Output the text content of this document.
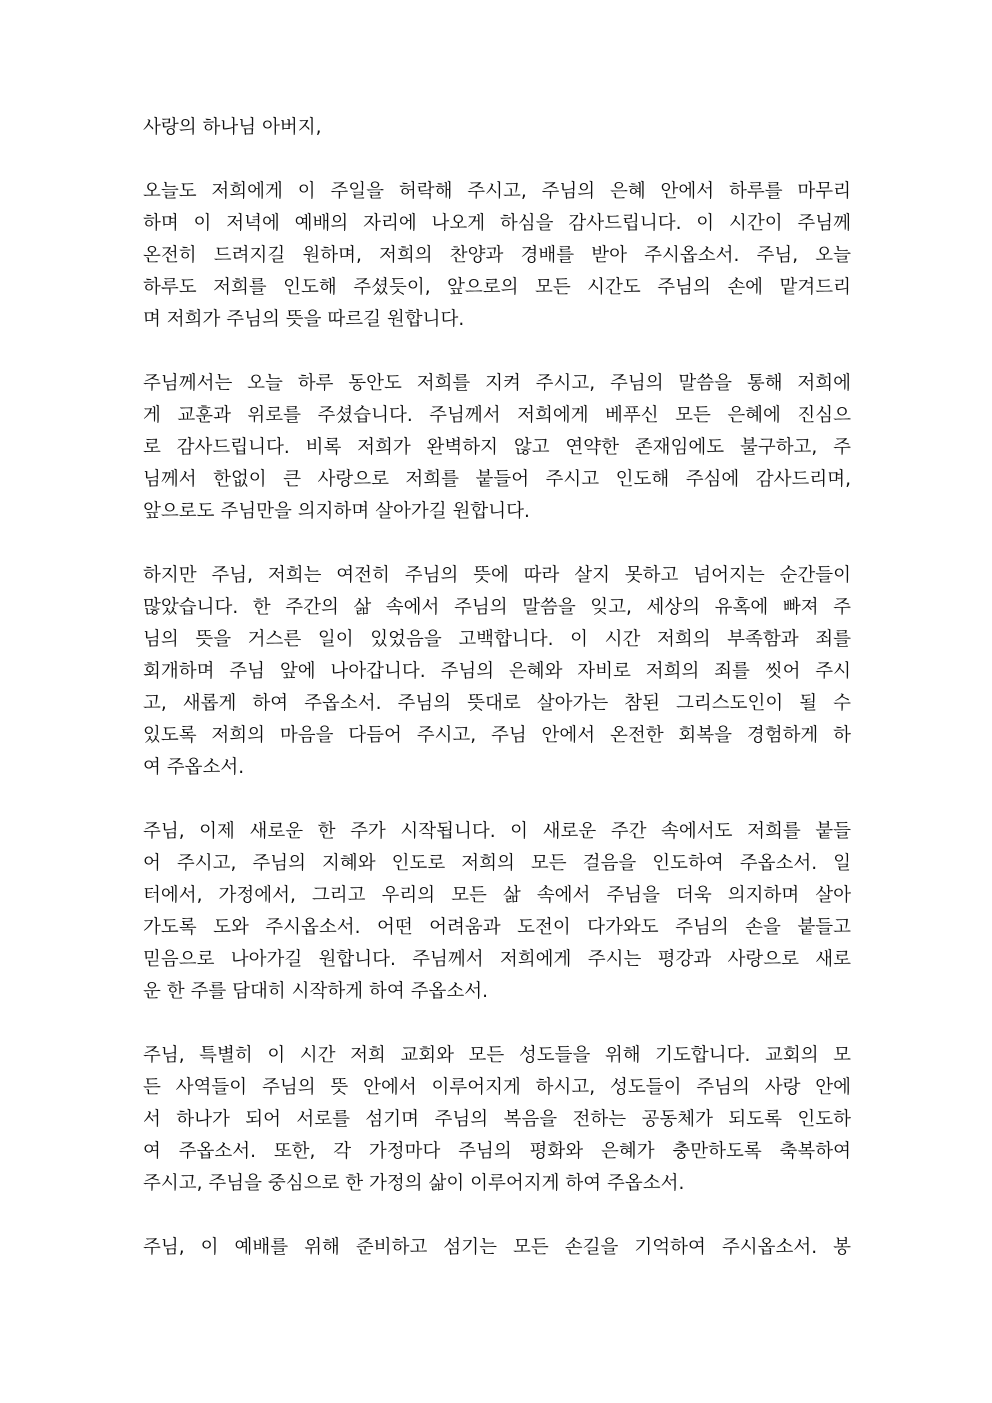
사랑의 하나님 아버지,

오늘도 저희에게 이 주일을 허락해 주시고, 주님의 은혜 안에서 하루를 마무리
하며 이 저녁에 예배의 자리에 나오게 하심을 감사드립니다. 이 시간이 주님께
온전히 드려지길 원하며, 저희의 찬양과 경배를 받아 주시옵소서. 주님, 오늘
하루도 저희를 인도해 주셨듯이, 앞으로의 모든 시간도 주님의 손에 맡겨드리
며 저희가 주님의 뜻을 따르길 원합니다.

주님께서는 오늘 하루 동안도 저희를 지켜 주시고, 주님의 말씀을 통해 저희에
게 교훈과 위로를 주셨습니다. 주님께서 저희에게 베푸신 모든 은혜에 진심으
로 감사드립니다. 비록 저희가 완벽하지 않고 연약한 존재임에도 불구하고, 주
님께서 한없이 큰 사랑으로 저희를 붙들어 주시고 인도해 주심에 감사드리며,
앞으로도 주님만을 의지하며 살아가길 원합니다.

하지만 주님, 저희는 여전히 주님의 뜻에 따라 살지 못하고 넘어지는 순간들이
많았습니다. 한 주간의 삶 속에서 주님의 말씀을 잊고, 세상의 유혹에 빠져 주
님의 뜻을 거스른 일이 있었음을 고백합니다. 이 시간 저희의 부족함과 죄를
회개하며 주님 앞에 나아갑니다. 주님의 은혜와 자비로 저희의 죄를 씻어 주시
고, 새롭게 하여 주옵소서. 주님의 뜻대로 살아가는 참된 그리스도인이 될 수
있도록 저희의 마음을 다듬어 주시고, 주님 안에서 온전한 회복을 경험하게 하
여 주옵소서.

주님, 이제 새로운 한 주가 시작됩니다. 이 새로운 주간 속에서도 저희를 붙들
어 주시고, 주님의 지혜와 인도로 저희의 모든 걸음을 인도하여 주옵소서. 일
터에서, 가정에서, 그리고 우리의 모든 삶 속에서 주님을 더욱 의지하며 살아
가도록 도와 주시옵소서. 어떤 어려움과 도전이 다가와도 주님의 손을 붙들고
믿음으로 나아가길 원합니다. 주님께서 저희에게 주시는 평강과 사랑으로 새로
운 한 주를 담대히 시작하게 하여 주옵소서.

주님, 특별히 이 시간 저희 교회와 모든 성도들을 위해 기도합니다. 교회의 모
든 사역들이 주님의 뜻 안에서 이루어지게 하시고, 성도들이 주님의 사랑 안에
서 하나가 되어 서로를 섬기며 주님의 복음을 전하는 공동체가 되도록 인도하
여 주옵소서. 또한, 각 가정마다 주님의 평화와 은혜가 충만하도록 축복하여
주시고, 주님을 중심으로 한 가정의 삶이 이루어지게 하여 주옵소서.

주님, 이 예배를 위해 준비하고 섬기는 모든 손길을 기억하여 주시옵소서. 봉
